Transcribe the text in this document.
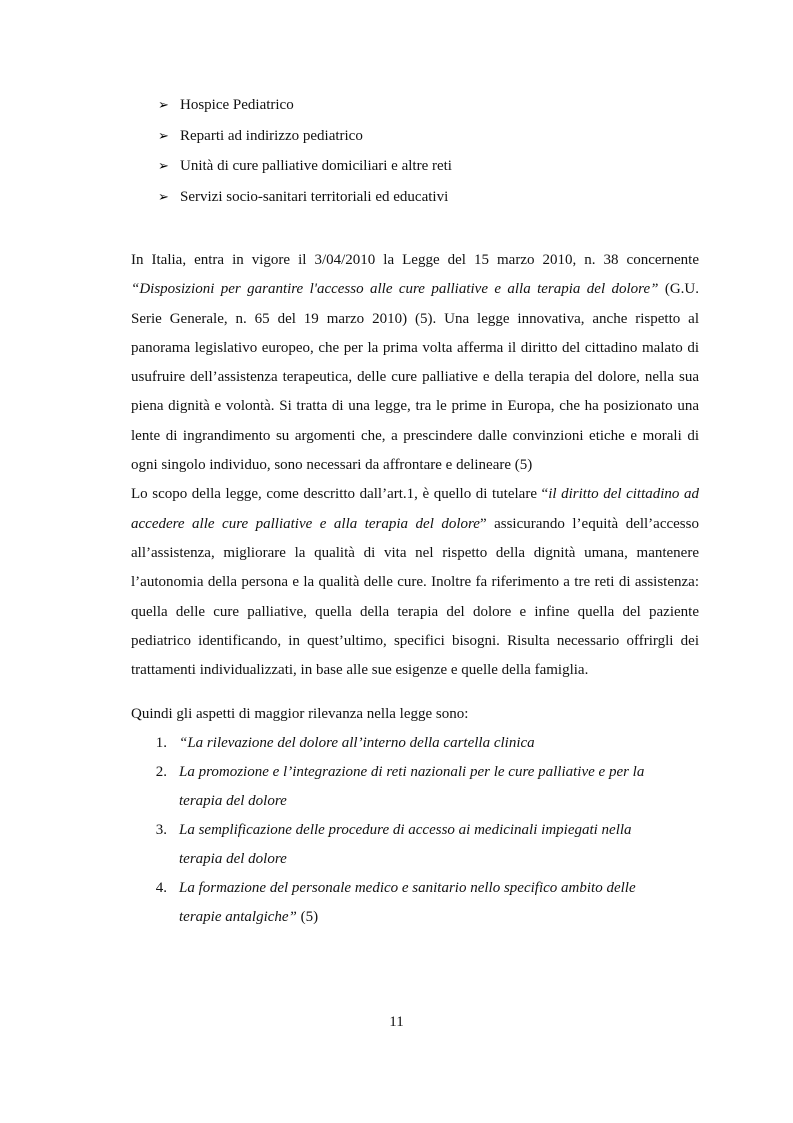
➢ Hospice Pediatrico
➢ Reparti ad indirizzo pediatrico
➢ Unità di cure palliative domiciliari e altre reti
➢ Servizi socio-sanitari territoriali ed educativi

In Italia, entra in vigore il 3/04/2010 la Legge del 15 marzo 2010, n. 38 concernente “Disposizioni per garantire l'accesso alle cure palliative e alla terapia del dolore” (G.U. Serie Generale, n. 65 del 19 marzo 2010) (5). Una legge innovativa, anche rispetto al panorama legislativo europeo, che per la prima volta afferma il diritto del cittadino malato di usufruire dell’assistenza terapeutica, delle cure palliative e della terapia del dolore, nella sua piena dignità e volontà. Si tratta di una legge, tra le prime in Europa, che ha posizionato una lente di ingrandimento su argomenti che, a prescindere dalle convinzioni etiche e morali di ogni singolo individuo, sono necessari da affrontare e delineare (5)

Lo scopo della legge, come descritto dall’art.1, è quello di tutelare “il diritto del cittadino ad accedere alle cure palliative e alla terapia del dolore” assicurando l’equità dell’accesso all’assistenza, migliorare la qualità di vita nel rispetto della dignità umana, mantenere l’autonomia della persona e la qualità delle cure. Inoltre fa riferimento a tre reti di assistenza: quella delle cure palliative, quella della terapia del dolore e infine quella del paziente pediatrico identificando, in quest’ultimo, specifici bisogni. Risulta necessario offrirgli dei trattamenti individualizzati, in base alle sue esigenze e quelle della famiglia.

Quindi gli aspetti di maggior rilevanza nella legge sono:
1. “La rilevazione del dolore all’interno della cartella clinica
2. La promozione e l’integrazione di reti nazionali per le cure palliative e per la terapia del dolore
3. La semplificazione delle procedure di accesso ai medicinali impiegati nella terapia del dolore
4. La formazione del personale medico e sanitario nello specifico ambito delle terapie antalgiche” (5)
11
